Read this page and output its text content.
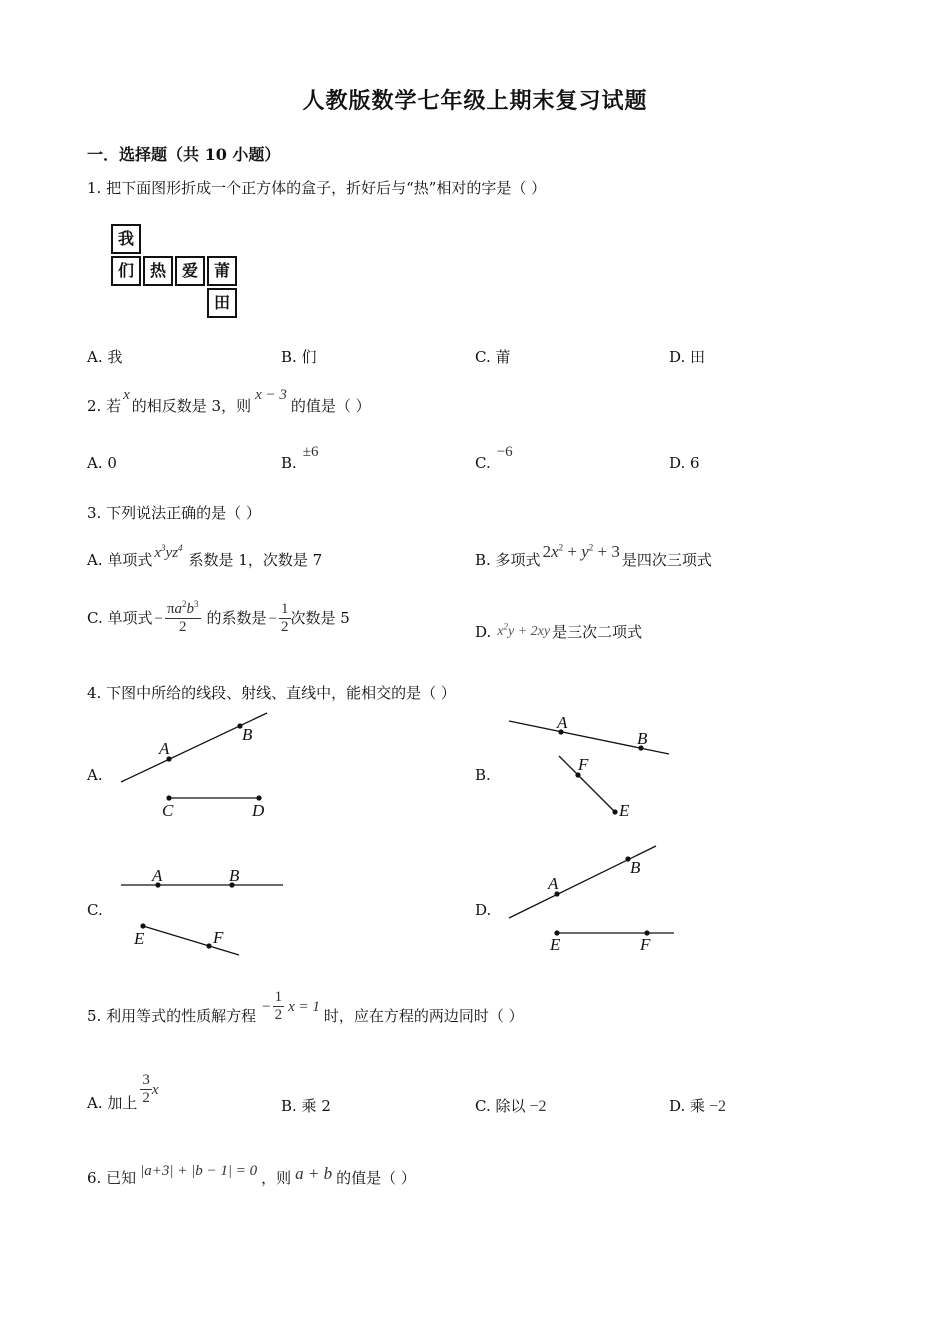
人教版数学七年级上期末复习试题
一．选择题（共 10 小题）
1. 把下面图形折成一个正方体的盒子，折好后与“热”相对的字是（ ）
我
们 热 爱 莆
田
A. 我	B. 们	C. 莆	D. 田
2. 若x的相反数是 3，则x − 3的值是（ ）
A. 0	B.±6
C.−6
D. 6
3. 下列说法正确的是（ ）
A. 单项式 $x^3yz^4$系数是 1，次数是 7	B. 多项式 $2x^2 + y^2 + 3$ 是四次三项式
C. 单项式 − $\frac{\pi a^2b^3}{2}$ 的系数是 − $\frac{1}{2}$ 次数是 5
D. $x^2y + 2xy$ 是三次二项式
4. 下图中所给的线段、射线、直线中，能相交的是（ ）
A.	B.
C.	D.
A
B
C	D
A
B
F
E
A	B
E	F
A
B
E	F
5. 利用等式的性质解方程 − $\frac{1}{2}$ x = 1 时，应在方程的两边同时（ ）
A. 加上 $\frac{3}{2}$ x
B. 乘 2	C. 除以 −2	D. 乘 −2
6. 已知 |a+3| + |b − 1| = 0 ，则 a + b 的值是（ ）
